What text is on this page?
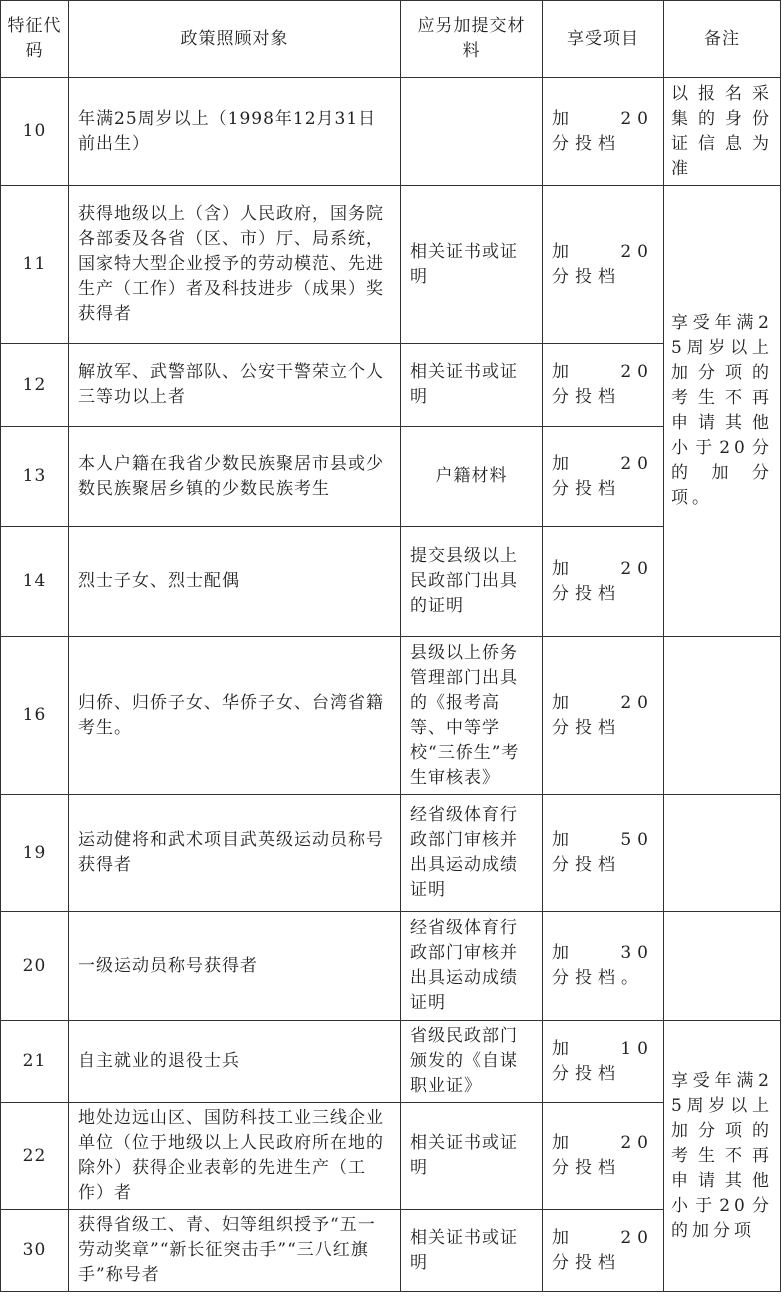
特征代码	政策照顾对象	应另加提交材料	享受项目	备注
10	年满25周岁以上（1998年12月31日前出生）		加 20 分投档	以报名采集的身份证信息为准
11	获得地级以上（含）人民政府，国务院各部委及各省（区、市）厅、局系统，国家特大型企业授予的劳动模范、先进生产（工作）者及科技进步（成果）奖获得者	相关证书或证明	加 20 分投档	享受年满25周岁以上加分项的考生不再申请其他小于20分的加分项。
12	解放军、武警部队、公安干警荣立个人三等功以上者	相关证书或证明	加 20 分投档	
13	本人户籍在我省少数民族聚居市县或少数民族聚居乡镇的少数民族考生	户籍材料	加 20 分投档	
14	烈士子女、烈士配偶	提交县级以上民政部门出具的证明	加 20 分投档	
16	归侨、归侨子女、华侨子女、台湾省籍考生。	县级以上侨务管理部门出具的《报考高等、中等学校“三侨生”考生审核表》	加 20 分投档	
19	运动健将和武术项目武英级运动员称号获得者	经省级体育行政部门审核并出具运动成绩证明	加 50 分投档	
20	一级运动员称号获得者	经省级体育行政部门审核并出具运动成绩证明	加 30 分投档。	
21	自主就业的退役士兵	省级民政部门颁发的《自谋职业证》	加 10 分投档	享受年满25周岁以上加分项的考生不再申请其他小于20分的加分项
22	地处边远山区、国防科技工业三线企业单位（位于地级以上人民政府所在地的除外）获得企业表彰的先进生产（工作）者	相关证书或证明	加 20 分投档	
30	获得省级工、青、妇等组织授予“五一劳动奖章”“新长征突击手”“三八红旗手”称号者	相关证书或证明	加 20 分投档	
